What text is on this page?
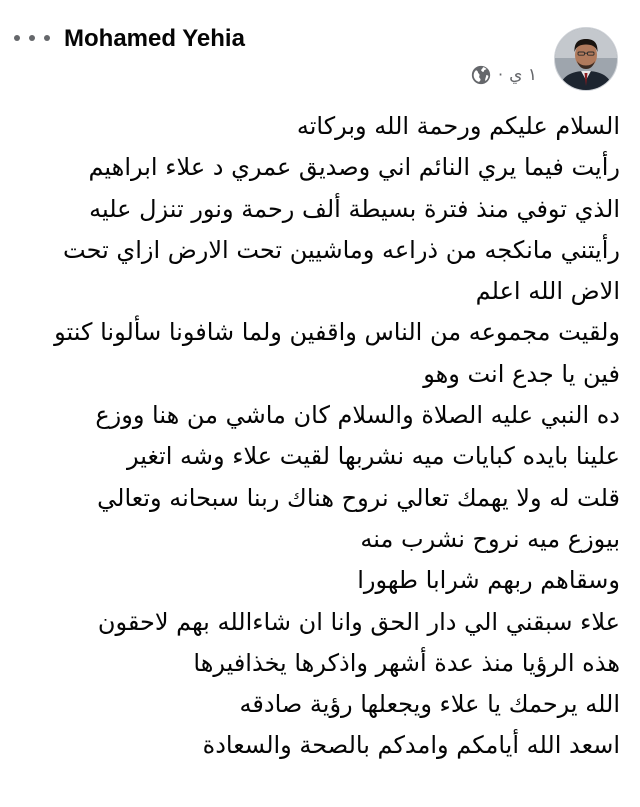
Mohamed Yehia
· ١ ي
السلام عليكم ورحمة الله وبركاته
رأيت فيما يري النائم اني وصديق عمري د علاء ابراهيم
الذي توفي منذ فترة بسيطة ألف رحمة ونور تنزل عليه
رأيتني مانكجه من ذراعه وماشيين تحت الارض ازاي تحت
الاض الله اعلم
ولقيت مجموعه من الناس واقفين ولما شافونا سألونا كنتو
فين يا جدع انت وهو
ده النبي عليه الصلاة والسلام كان ماشي من هنا ووزع
علينا بايده كبايات ميه نشربها لقيت علاء وشه اتغير
قلت له ولا يهمك تعالي نروح هناك ربنا سبحانه وتعالي
بيوزع ميه نروح نشرب منه
وسقاهم ربهم شرابا طهورا
علاء سبقني الي دار الحق وانا ان شاءالله بهم لاحقون
هذه الرؤيا منذ عدة أشهر واذكرها يخذافيرها
الله يرحمك يا علاء ويجعلها رؤية صادقه
اسعد الله أيامكم وامدكم بالصحة والسعادة
